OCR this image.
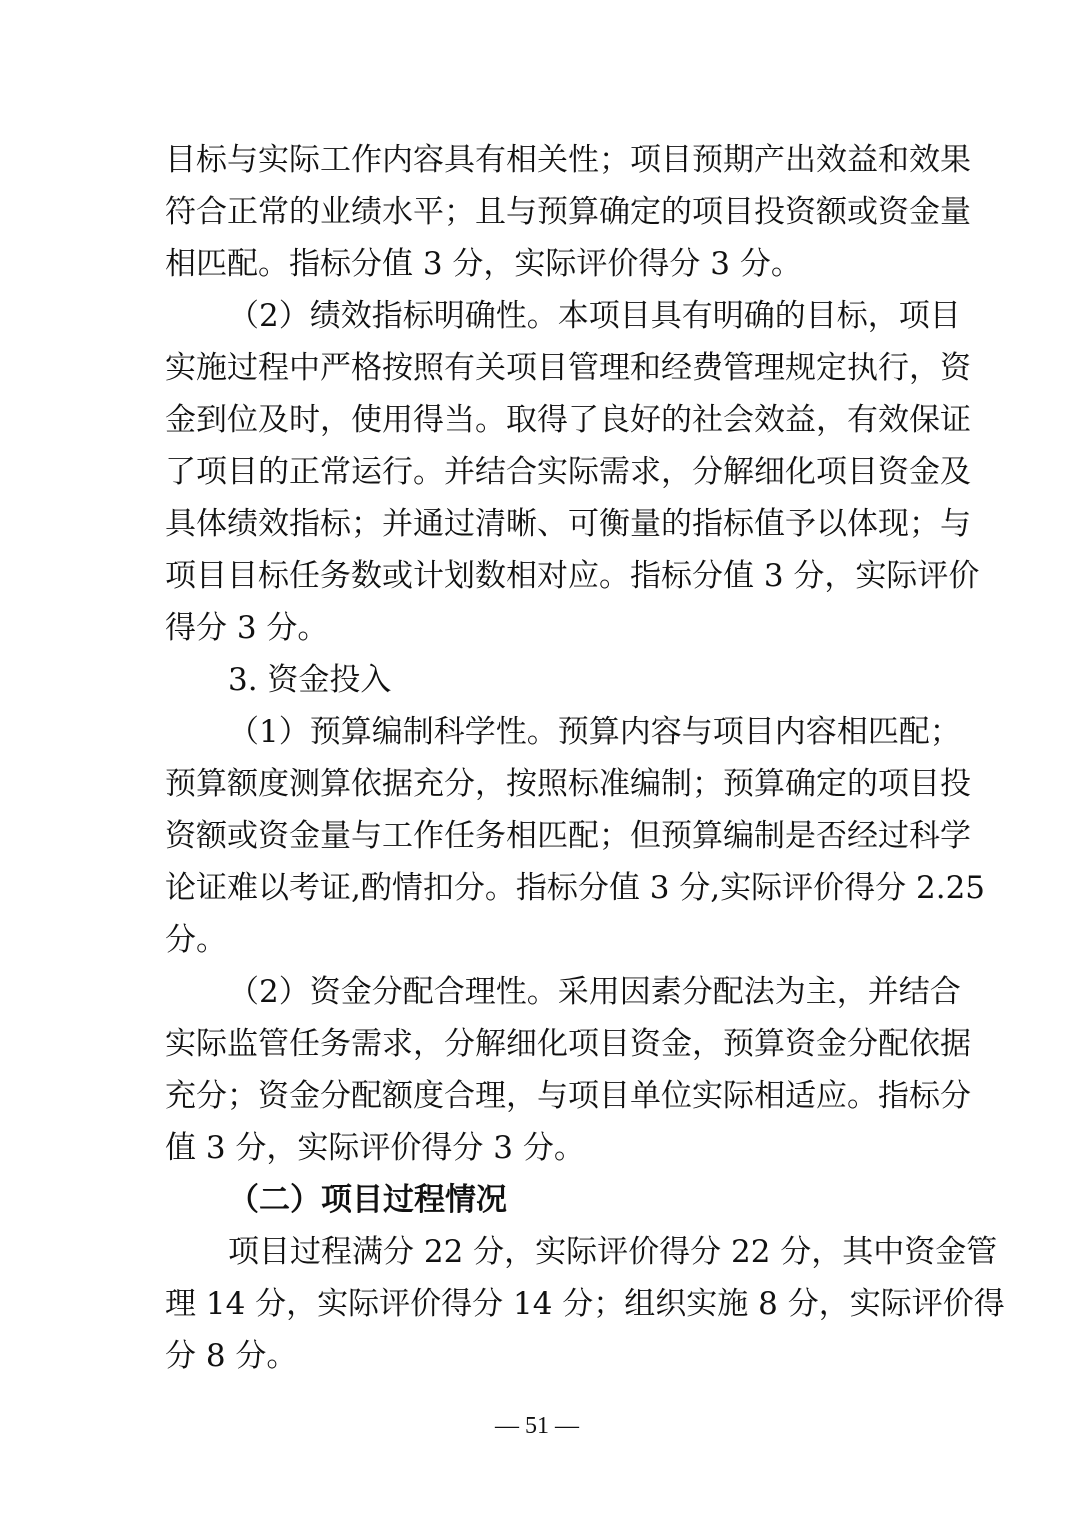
目标与实际工作内容具有相关性；项目预期产出效益和效果
符合正常的业绩水平；且与预算确定的项目投资额或资金量
相匹配。指标分值 3 分，实际评价得分 3 分。
（2）绩效指标明确性。本项目具有明确的目标，项目
实施过程中严格按照有关项目管理和经费管理规定执行，资
金到位及时，使用得当。取得了良好的社会效益，有效保证
了项目的正常运行。并结合实际需求，分解细化项目资金及
具体绩效指标；并通过清晰、可衡量的指标值予以体现；与
项目目标任务数或计划数相对应。指标分值 3 分，实际评价
得分 3 分。
3. 资金投入
（1）预算编制科学性。预算内容与项目内容相匹配；
预算额度测算依据充分，按照标准编制；预算确定的项目投
资额或资金量与工作任务相匹配；但预算编制是否经过科学
论证难以考证,酌情扣分。指标分值 3 分,实际评价得分 2.25
分。
（2）资金分配合理性。采用因素分配法为主，并结合
实际监管任务需求，分解细化项目资金，预算资金分配依据
充分；资金分配额度合理，与项目单位实际相适应。指标分
值 3 分，实际评价得分 3 分。
（二）项目过程情况
项目过程满分 22 分，实际评价得分 22 分，其中资金管
理 14 分，实际评价得分 14 分；组织实施 8 分，实际评价得
分 8 分。
— 51 —
